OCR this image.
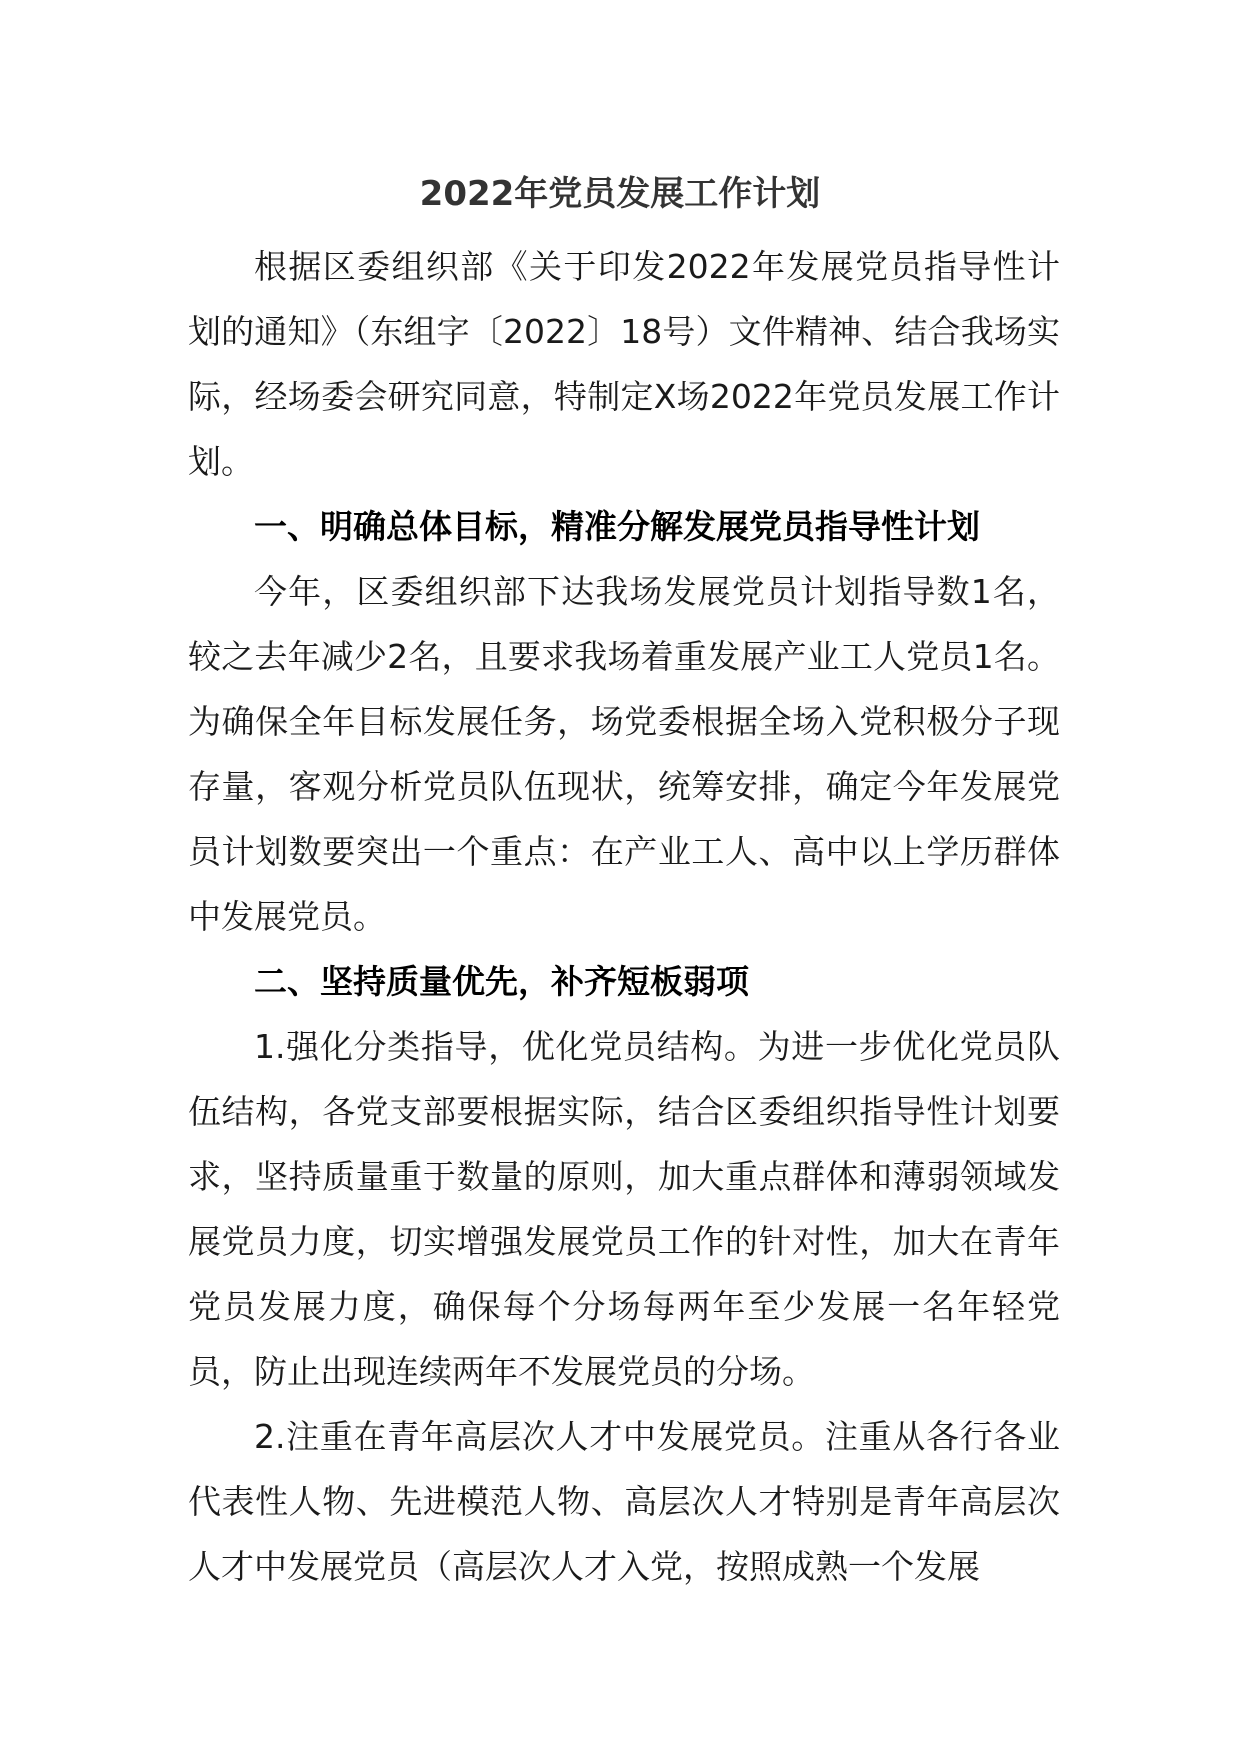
2022年党员发展工作计划

根据区委组织部《关于印发2022年发展党员指导性计划的通知》（东组字〔2022〕18号）文件精神、结合我场实际，经场委会研究同意，特制定X场2022年党员发展工作计划。

一、明确总体目标，精准分解发展党员指导性计划

今年，区委组织部下达我场发展党员计划指导数1名，较之去年减少2名，且要求我场着重发展产业工人党员1名。为确保全年目标发展任务，场党委根据全场入党积极分子现存量，客观分析党员队伍现状，统筹安排，确定今年发展党员计划数要突出一个重点：在产业工人、高中以上学历群体中发展党员。

二、坚持质量优先，补齐短板弱项

1.强化分类指导，优化党员结构。为进一步优化党员队伍结构，各党支部要根据实际，结合区委组织指导性计划要求，坚持质量重于数量的原则，加大重点群体和薄弱领域发展党员力度，切实增强发展党员工作的针对性，加大在青年党员发展力度，确保每个分场每两年至少发展一名年轻党员，防止出现连续两年不发展党员的分场。

2.注重在青年高层次人才中发展党员。注重从各行各业代表性人物、先进模范人物、高层次人才特别是青年高层次人才中发展党员（高层次人才入党，按照成熟一个发展
